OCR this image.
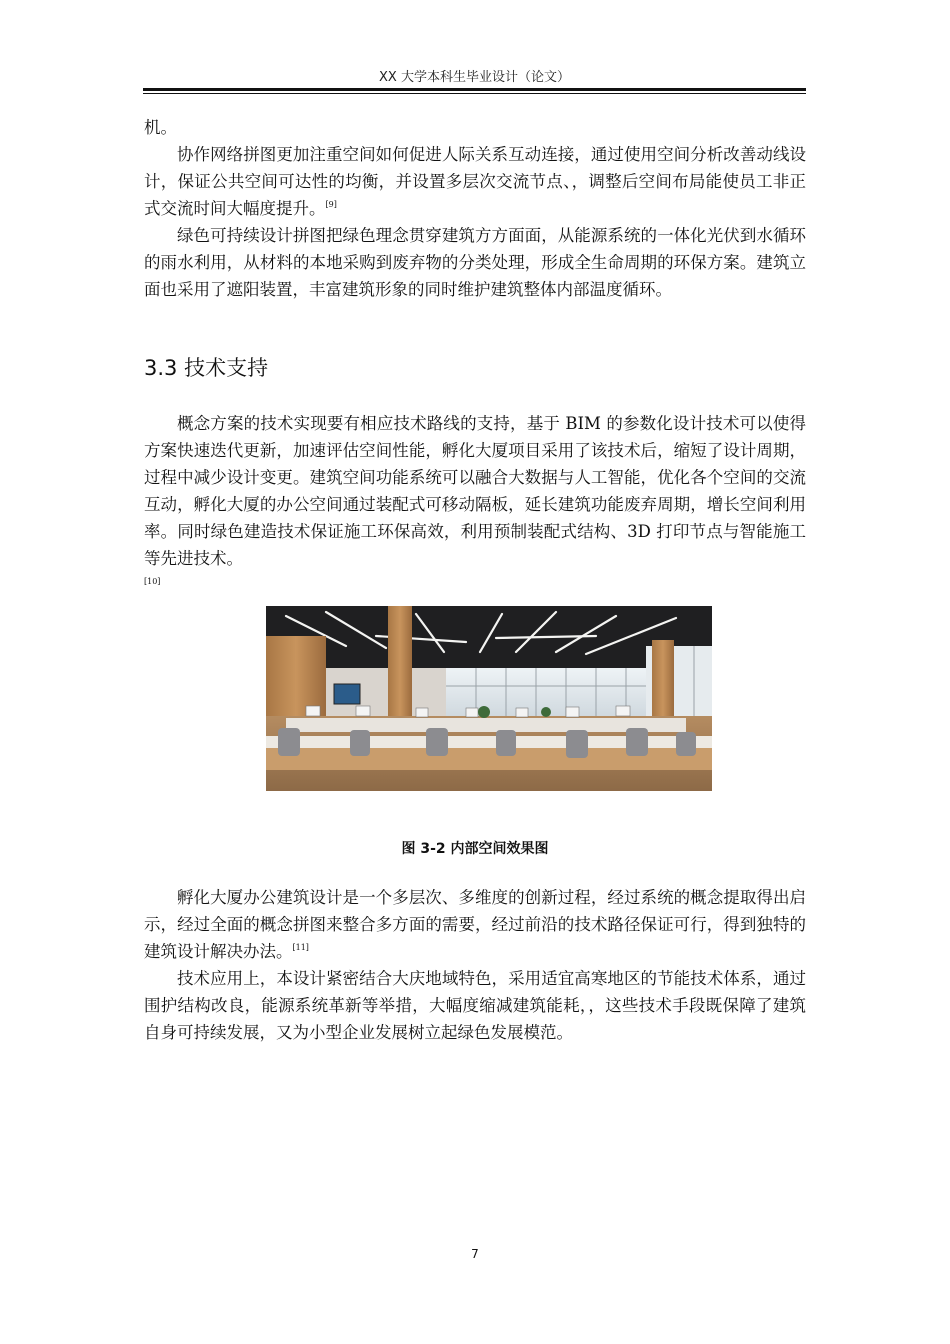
XX 大学本科生毕业设计（论文）

机。

协作网络拼图更加注重空间如何促进人际关系互动连接，通过使用空间分析改善动线设计，保证公共空间可达性的均衡，并设置多层次交流节点、，调整后空间布局能使员工非正式交流时间大幅度提升。[9]

绿色可持续设计拼图把绿色理念贯穿建筑方方面面，从能源系统的一体化光伏到水循环的雨水利用，从材料的本地采购到废弃物的分类处理，形成全生命周期的环保方案。建筑立面也采用了遮阳装置，丰富建筑形象的同时维护建筑整体内部温度循环。

3.3 技术支持

概念方案的技术实现要有相应技术路线的支持，基于 BIM 的参数化设计技术可以使得方案快速迭代更新，加速评估空间性能，孵化大厦项目采用了该技术后，缩短了设计周期，过程中减少设计变更。建筑空间功能系统可以融合大数据与人工智能，优化各个空间的交流互动，孵化大厦的办公空间通过装配式可移动隔板，延长建筑功能废弃周期，增长空间利用率。同时绿色建造技术保证施工环保高效，利用预制装配式结构、3D 打印节点与智能施工等先进技术。
[10]

图 3-2 内部空间效果图

孵化大厦办公建筑设计是一个多层次、多维度的创新过程，经过系统的概念提取得出启示，经过全面的概念拼图来整合多方面的需要，经过前沿的技术路径保证可行，得到独特的建筑设计解决办法。[11]

技术应用上，本设计紧密结合大庆地域特色，采用适宜高寒地区的节能技术体系，通过围护结构改良，能源系统革新等举措，大幅度缩减建筑能耗，，这些技术手段既保障了建筑自身可持续发展，又为小型企业发展树立起绿色发展模范。

7
